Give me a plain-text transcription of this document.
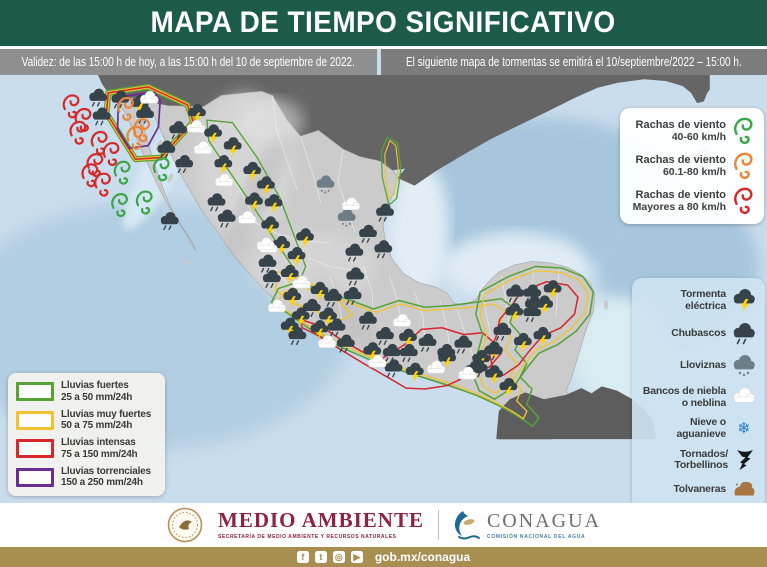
MAPA DE TIEMPO SIGNIFICATIVO
Validez: de las 15:00 h de hoy, a las 15:00 h del 10 de septiembre de 2022.	El siguiente mapa de tormentas se emitirá el 10/septiembre/2022 – 15:00 h.
Rachas de viento
40-60 km/h
Rachas de viento
60.1-80 km/h
Rachas de viento
Mayores a 80 km/h
Tormenta eléctrica
Chubascos
Lloviznas
Bancos de niebla
o neblina
Nieve o
aguanieve
Tornados/
Torbellinos
Tolvaneras
Lluvias fuertes
25 a 50 mm/24h
Lluvias muy fuertes
50 a 75 mm/24h
Lluvias intensas
75 a 150 mm/24h
Lluvias torrenciales
150 a 250 mm/24h
MEDIO AMBIENTE
SECRETARÍA DE MEDIO AMBIENTE Y RECURSOS NATURALES
CONAGUA
COMISIÓN NACIONAL DEL AGUA
f	t	◎ ▶ gob.mx/conagua
